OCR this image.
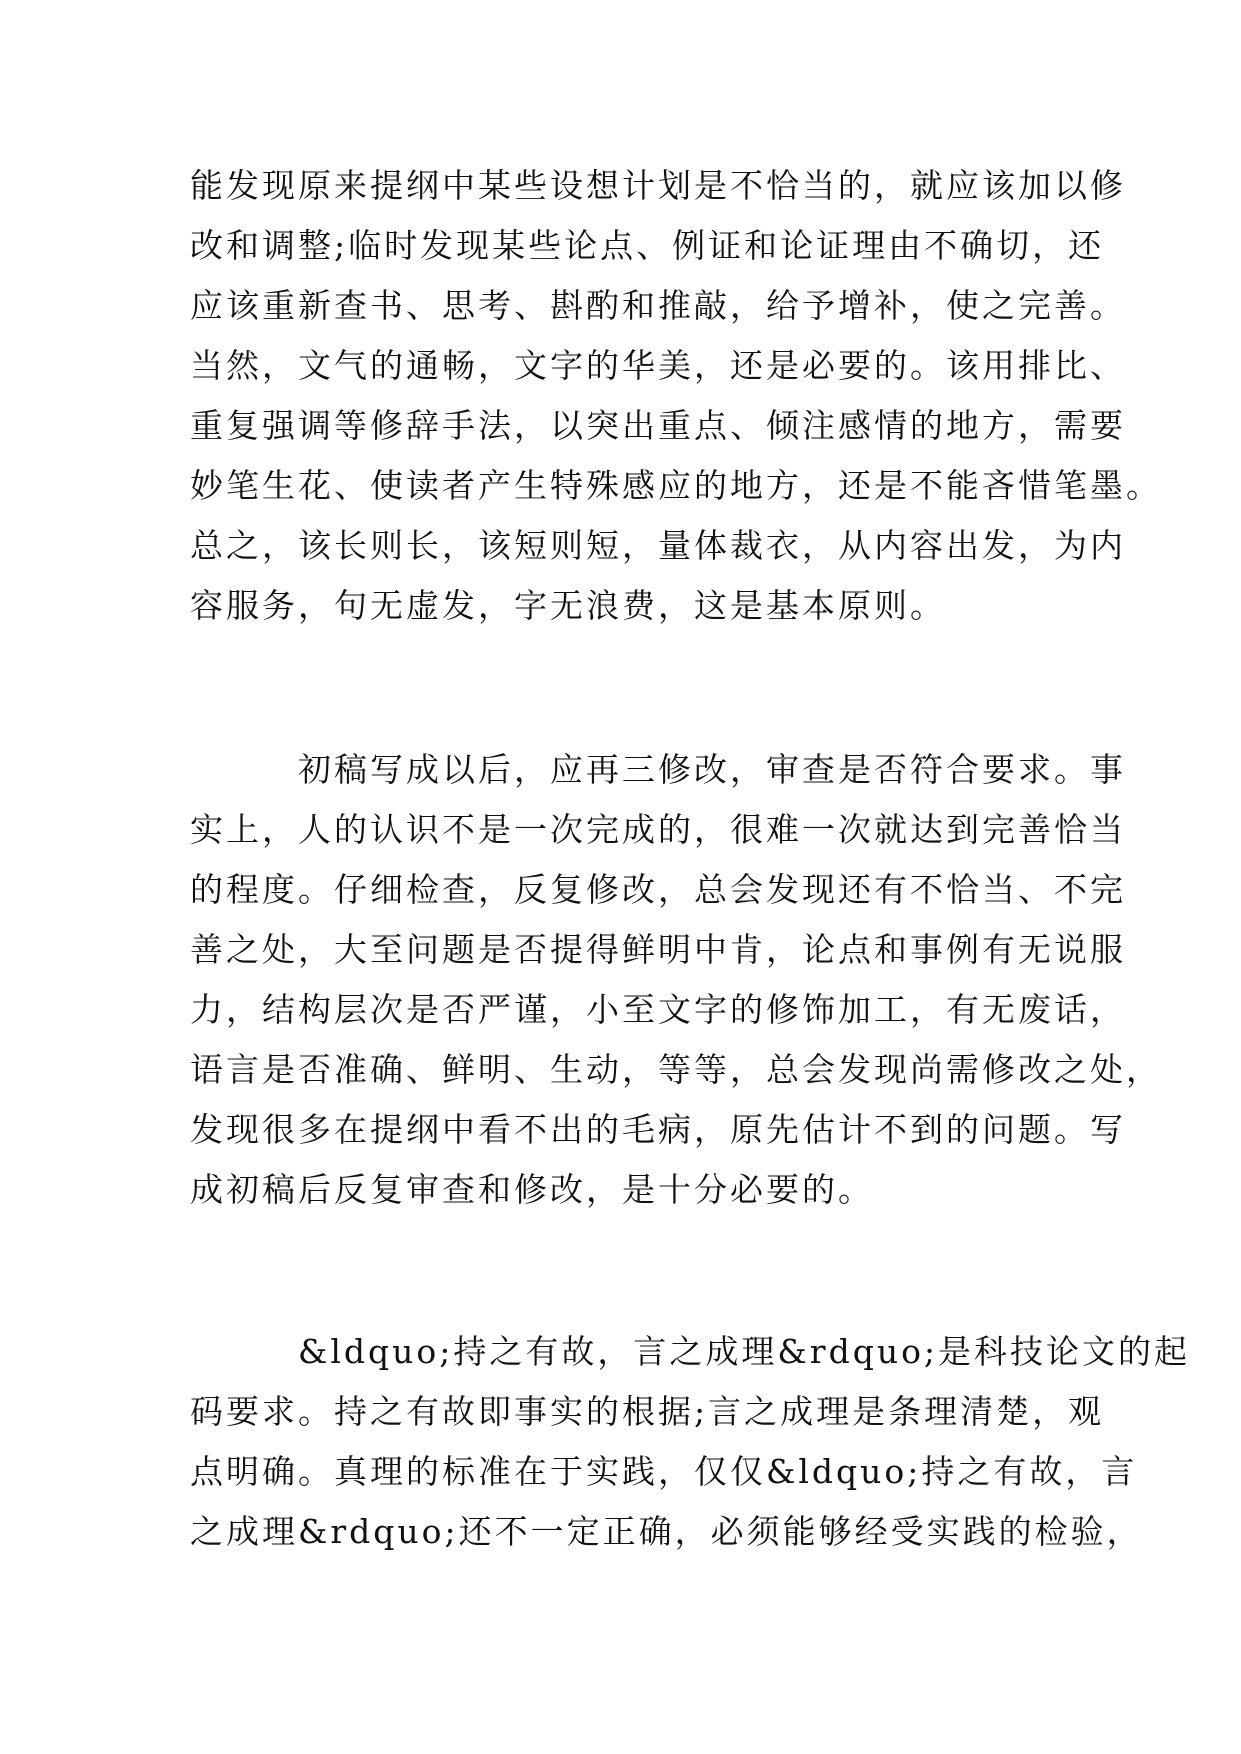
能发现原来提纲中某些设想计划是不恰当的，就应该加以修
改和调整;临时发现某些论点、例证和论证理由不确切，还
应该重新查书、思考、斟酌和推敲，给予增补，使之完善。
当然，文气的通畅，文字的华美，还是必要的。该用排比、
重复强调等修辞手法，以突出重点、倾注感情的地方，需要
妙笔生花、使读者产生特殊感应的地方，还是不能吝惜笔墨。
总之，该长则长，该短则短，量体裁衣，从内容出发，为内
容服务，句无虚发，字无浪费，这是基本原则。
初稿写成以后，应再三修改，审查是否符合要求。事
实上，人的认识不是一次完成的，很难一次就达到完善恰当
的程度。仔细检查，反复修改，总会发现还有不恰当、不完
善之处，大至问题是否提得鲜明中肯，论点和事例有无说服
力，结构层次是否严谨，小至文字的修饰加工，有无废话，
语言是否准确、鲜明、生动，等等，总会发现尚需修改之处，
发现很多在提纲中看不出的毛病，原先估计不到的问题。写
成初稿后反复审查和修改，是十分必要的。
&ldquo;持之有故，言之成理&rdquo;是科技论文的起
码要求。持之有故即事实的根据;言之成理是条理清楚，观
点明确。真理的标准在于实践，仅仅&ldquo;持之有故，言
之成理&rdquo;还不一定正确，必须能够经受实践的检验，
